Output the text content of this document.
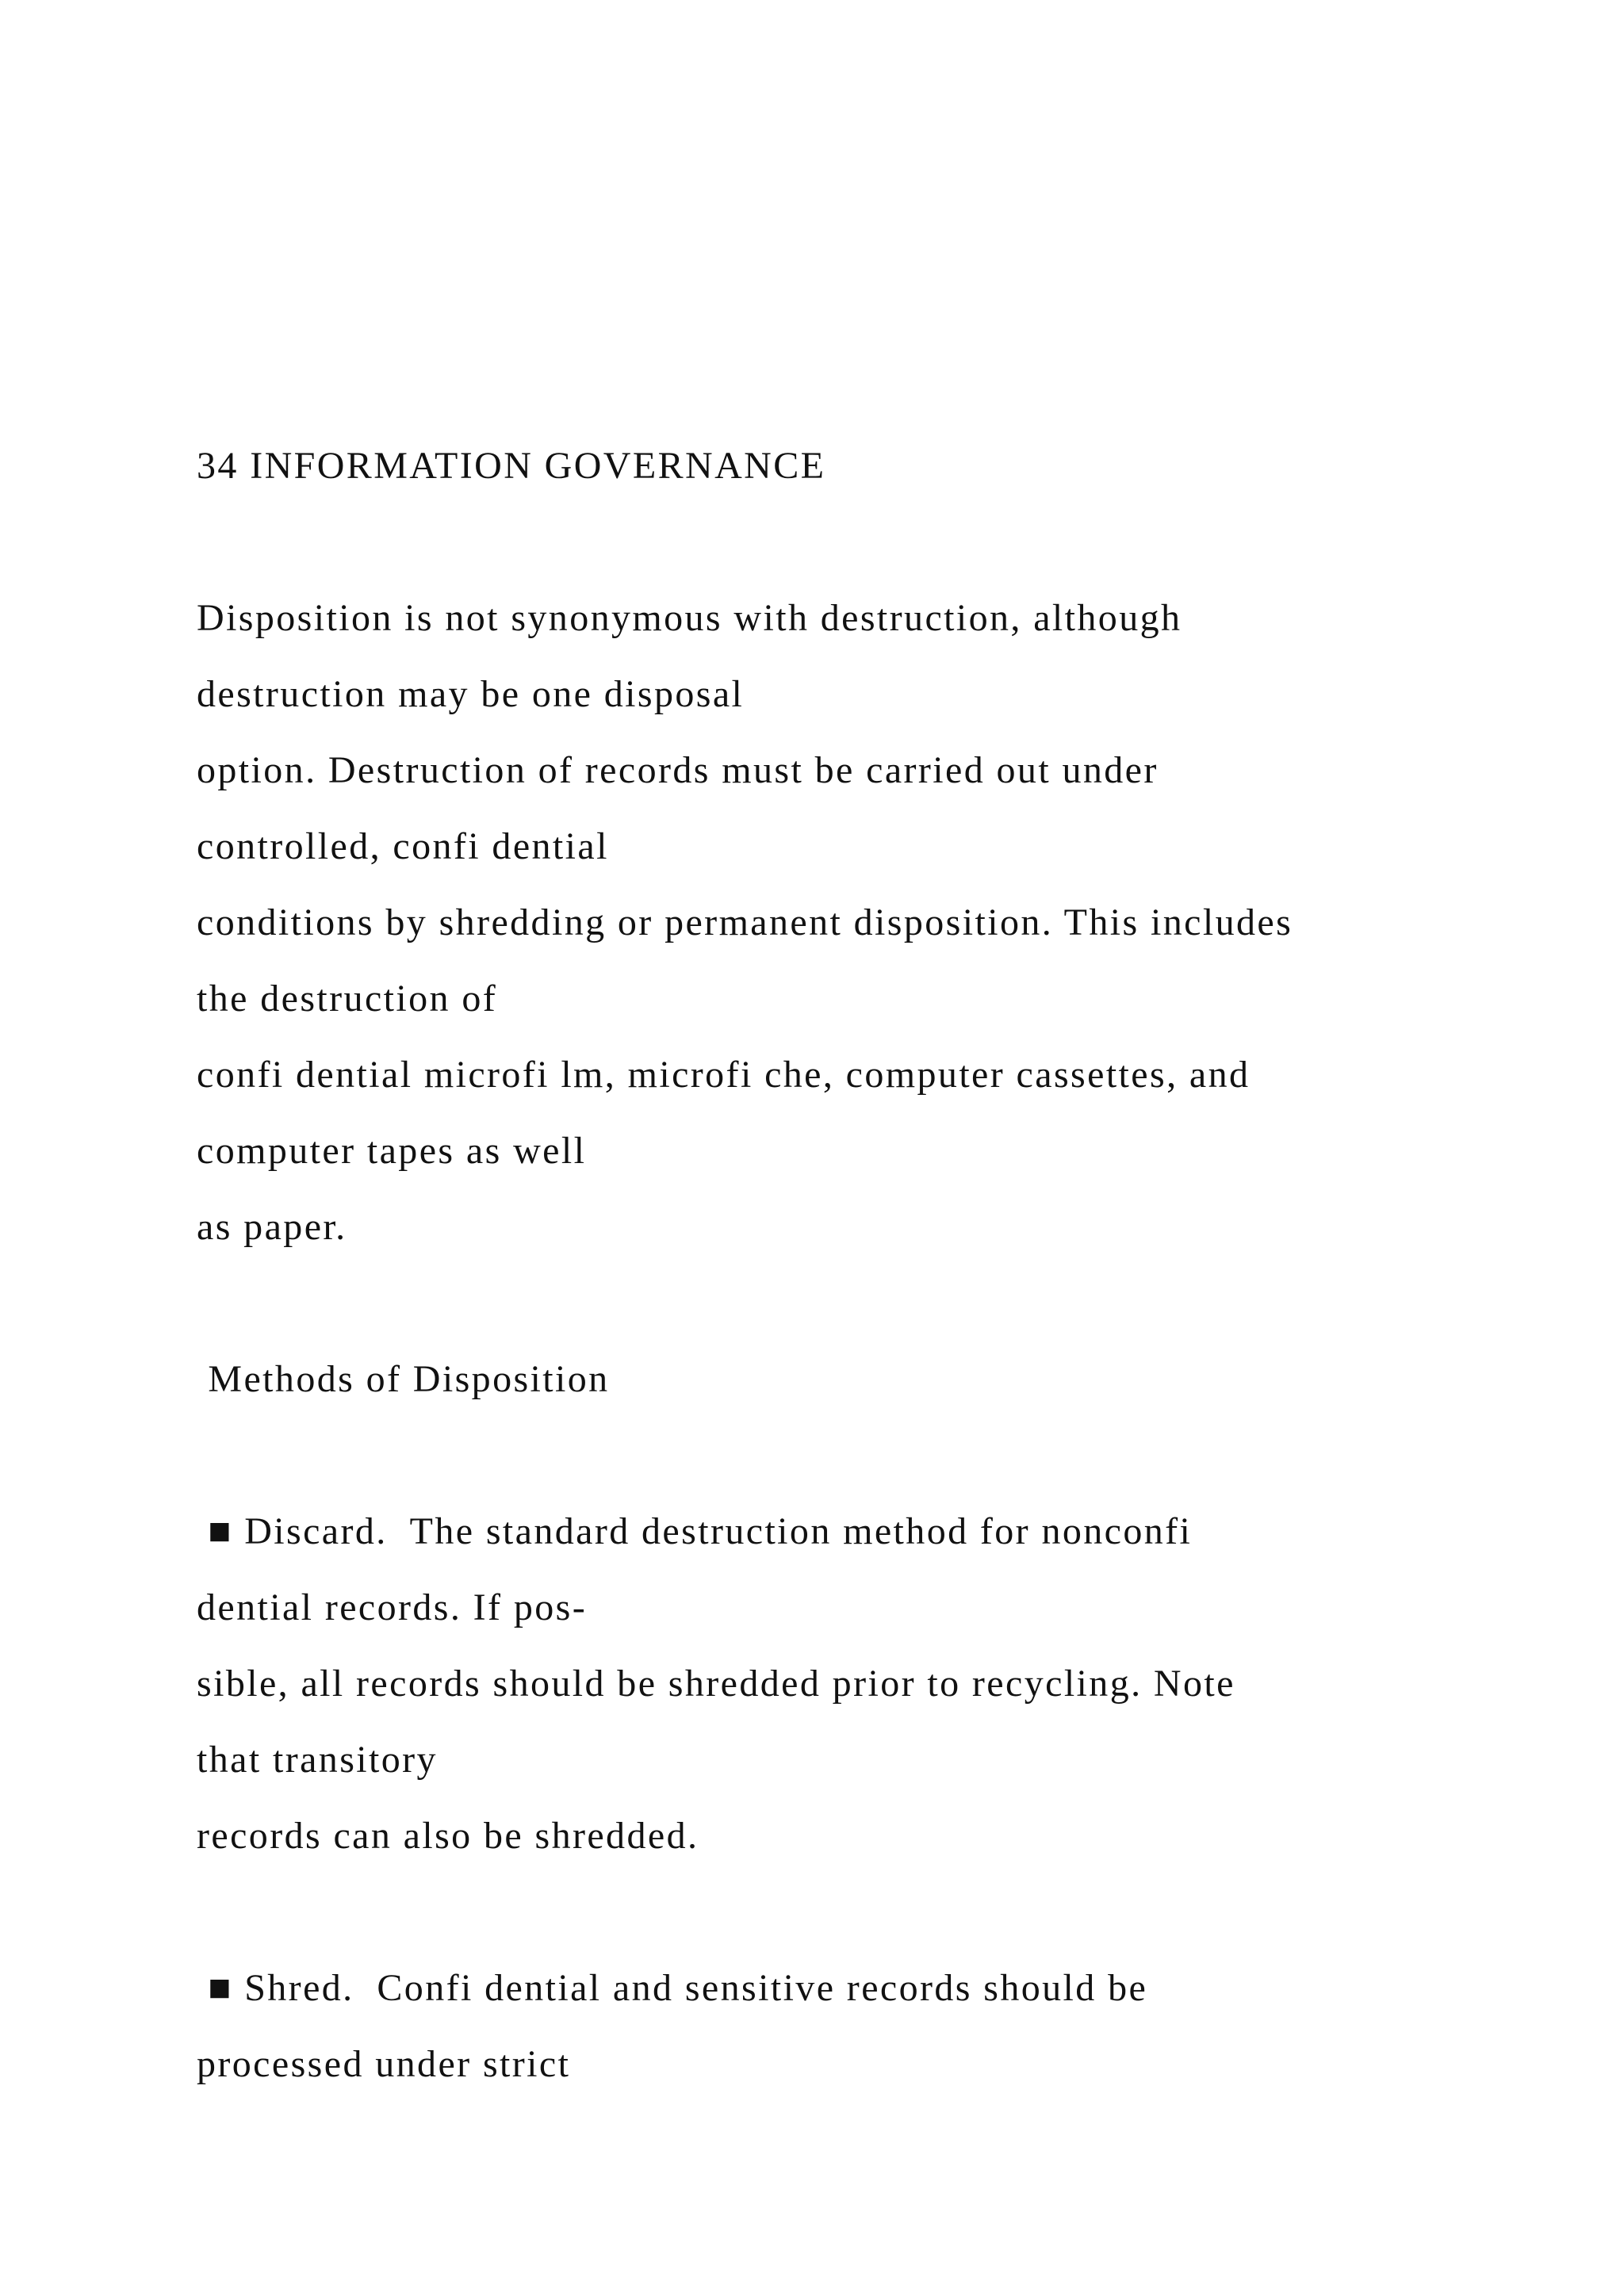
34 INFORMATION GOVERNANCE
Disposition is not synonymous with destruction, although
destruction may be one disposal
option. Destruction of records must be carried out under
controlled, confi dential
conditions by shredding or permanent disposition. This includes
the destruction of
confi dential microfi lm, microfi che, computer cassettes, and
computer tapes as well
as paper.
Methods of Disposition
■ Discard.  The standard destruction method for nonconfi
dential records. If pos-
sible, all records should be shredded prior to recycling. Note
that transitory
records can also be shredded.
■ Shred.  Confi dential and sensitive records should be
processed under strict
